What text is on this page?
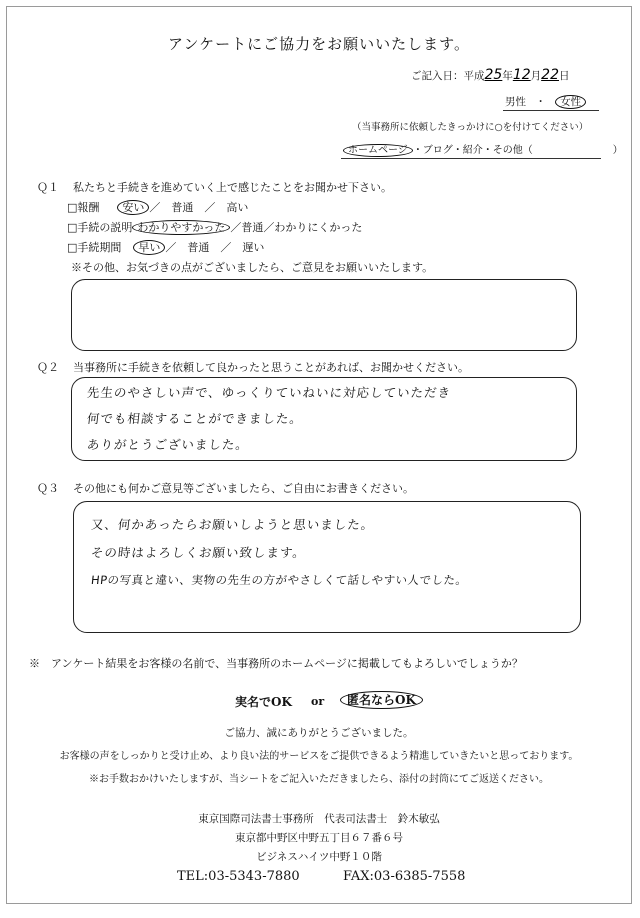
アンケートにご協力をお願いいたします。
ご記入日：平成25年12月22日
男性 ・ 女性
（当事務所に依頼したきっかけに○を付けてください）
ホームページ ・ブログ・紹介・その他（　　　　　　　　）
Ｑ１ 私たちと手続きを進めていく上で感じたことをお聞かせ下さい。
□報酬 安い ／　普通　／　高い
□手続の説明 わかりやすかった ／普通／わかりにくかった
□手続期間 早い ／　普通　／　遅い
※その他、お気づきの点がございましたら、ご意見をお願いいたします。
Ｑ２ 当事務所に手続きを依頼して良かったと思うことがあれば、お聞かせください。
先生のやさしい声で、ゆっくりていねいに対応していただき
何でも相談することができました。
ありがとうございました。
Ｑ３ その他にも何かご意見等ございましたら、ご自由にお書きください。
又、何かあったらお願いしようと思いました。
その時はよろしくお願い致します。
HPの写真と違い、実物の先生の方がやさしくて話しやすい人でした。
※　アンケート結果をお客様の名前で、当事務所のホームページに掲載してもよろしいでしょうか？
実名でOK or	匿名ならOK
ご協力、誠にありがとうございました。
お客様の声をしっかりと受け止め、より良い法的サービスをご提供できるよう精進していきたいと思っております。
※お手数おかけいたしますが、当シートをご記入いただきましたら、添付の封筒にてご返送ください。
東京国際司法書士事務所　代表司法書士　鈴木敏弘
東京都中野区中野五丁目６７番６号
ビジネスハイツ中野１０階
TEL:03-5343-7880	FAX:03-6385-7558
